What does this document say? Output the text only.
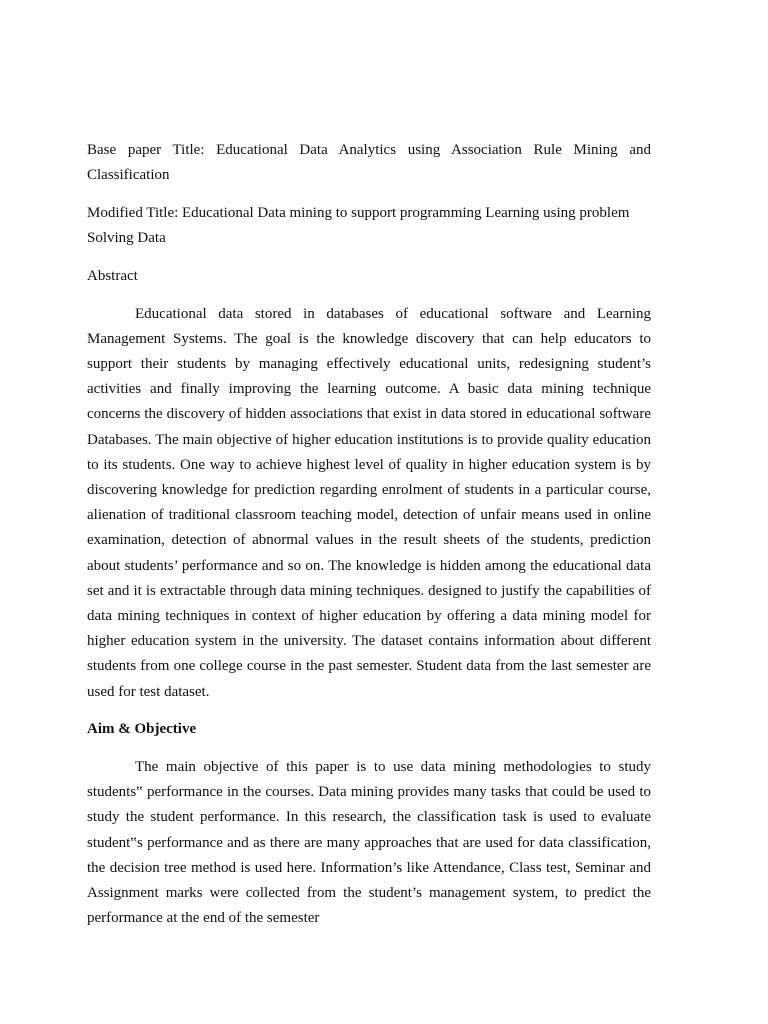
Base paper Title: Educational Data Analytics using Association Rule Mining and Classification

Modified Title: Educational Data mining to support programming Learning using problem Solving Data

Abstract

Educational data stored in databases of educational software and Learning Management Systems. The goal is the knowledge discovery that can help educators to support their students by managing effectively educational units, redesigning student’s activities and finally improving the learning outcome. A basic data mining technique concerns the discovery of hidden associations that exist in data stored in educational software Databases. The main objective of higher education institutions is to provide quality education to its students. One way to achieve highest level of quality in higher education system is by discovering knowledge for prediction regarding enrolment of students in a particular course, alienation of traditional classroom teaching model, detection of unfair means used in online examination, detection of abnormal values in the result sheets of the students, prediction about students’ performance and so on. The knowledge is hidden among the educational data set and it is extractable through data mining techniques. designed to justify the capabilities of data mining techniques in context of higher education by offering a data mining model for higher education system in the university. The dataset contains information about different students from one college course in the past semester. Student data from the last semester are used for test dataset.

Aim & Objective

The main objective of this paper is to use data mining methodologies to study students‟ performance in the courses. Data mining provides many tasks that could be used to study the student performance. In this research, the classification task is used to evaluate student‟s performance and as there are many approaches that are used for data classification, the decision tree method is used here. Information’s like Attendance, Class test, Seminar and Assignment marks were collected from the student’s management system, to predict the performance at the end of the semester
